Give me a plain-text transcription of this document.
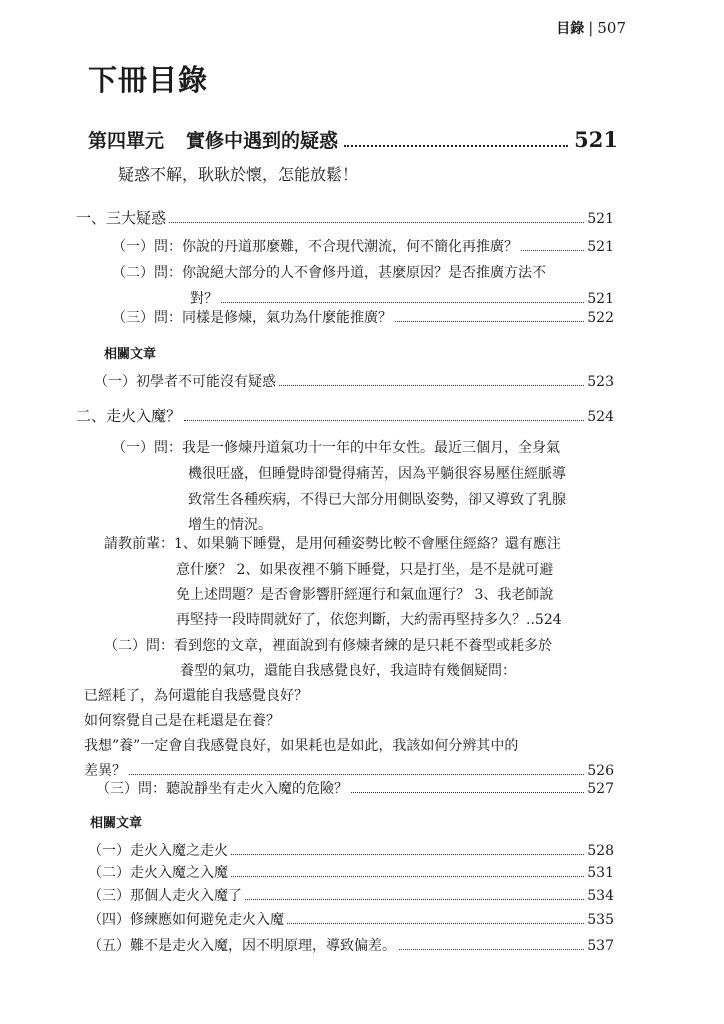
目錄 | 507
下冊目錄
第四單元 實修中遇到的疑惑	521
疑惑不解，耿耿於懷，怎能放鬆！
一、三大疑惑	521
（一）問：你說的丹道那麼難，不合現代潮流，何不簡化再推廣？	521
（二）問：你說絕大部分的人不會修丹道，甚麼原因？是否推廣方法不
對？	521
（三）問：同樣是修煉，氣功為什麼能推廣？	522
相關文章
（一）初學者不可能沒有疑惑	523
二、走火入魔？	524
（一）問：我是一修煉丹道氣功十一年的中年女性。最近三個月，全身氣
機很旺盛，但睡覺時卻覺得痛苦，因為平躺很容易壓住經脈導
致常生各種疾病，不得已大部分用側臥姿勢，卻又導致了乳腺
增生的情況。
請教前輩：1、如果躺下睡覺，是用何種姿勢比較不會壓住經絡？還有應注
意什麼？ 2、如果夜裡不躺下睡覺，只是打坐，是不是就可避
免上述問題？是否會影響肝經運行和氣血運行？ 3、我老師說
再堅持一段時間就好了，依您判斷，大約需再堅持多久？..524
（二）問：看到您的文章，裡面說到有修煉者練的是只耗不養型或耗多於
養型的氣功，還能自我感覺良好，我這時有幾個疑問：
已經耗了，為何還能自我感覺良好？
如何察覺自己是在耗還是在養？
我想”養”一定會自我感覺良好，如果耗也是如此，我該如何分辨其中的
差異？	526
（三）問：聽說靜坐有走火入魔的危險？	527
相關文章
（一）走火入魔之走火	528
（二）走火入魔之入魔	531
（三）那個人走火入魔了	534
（四）修練應如何避免走火入魔	535
（五）難不是走火入魔，因不明原理，導致偏差。	537
